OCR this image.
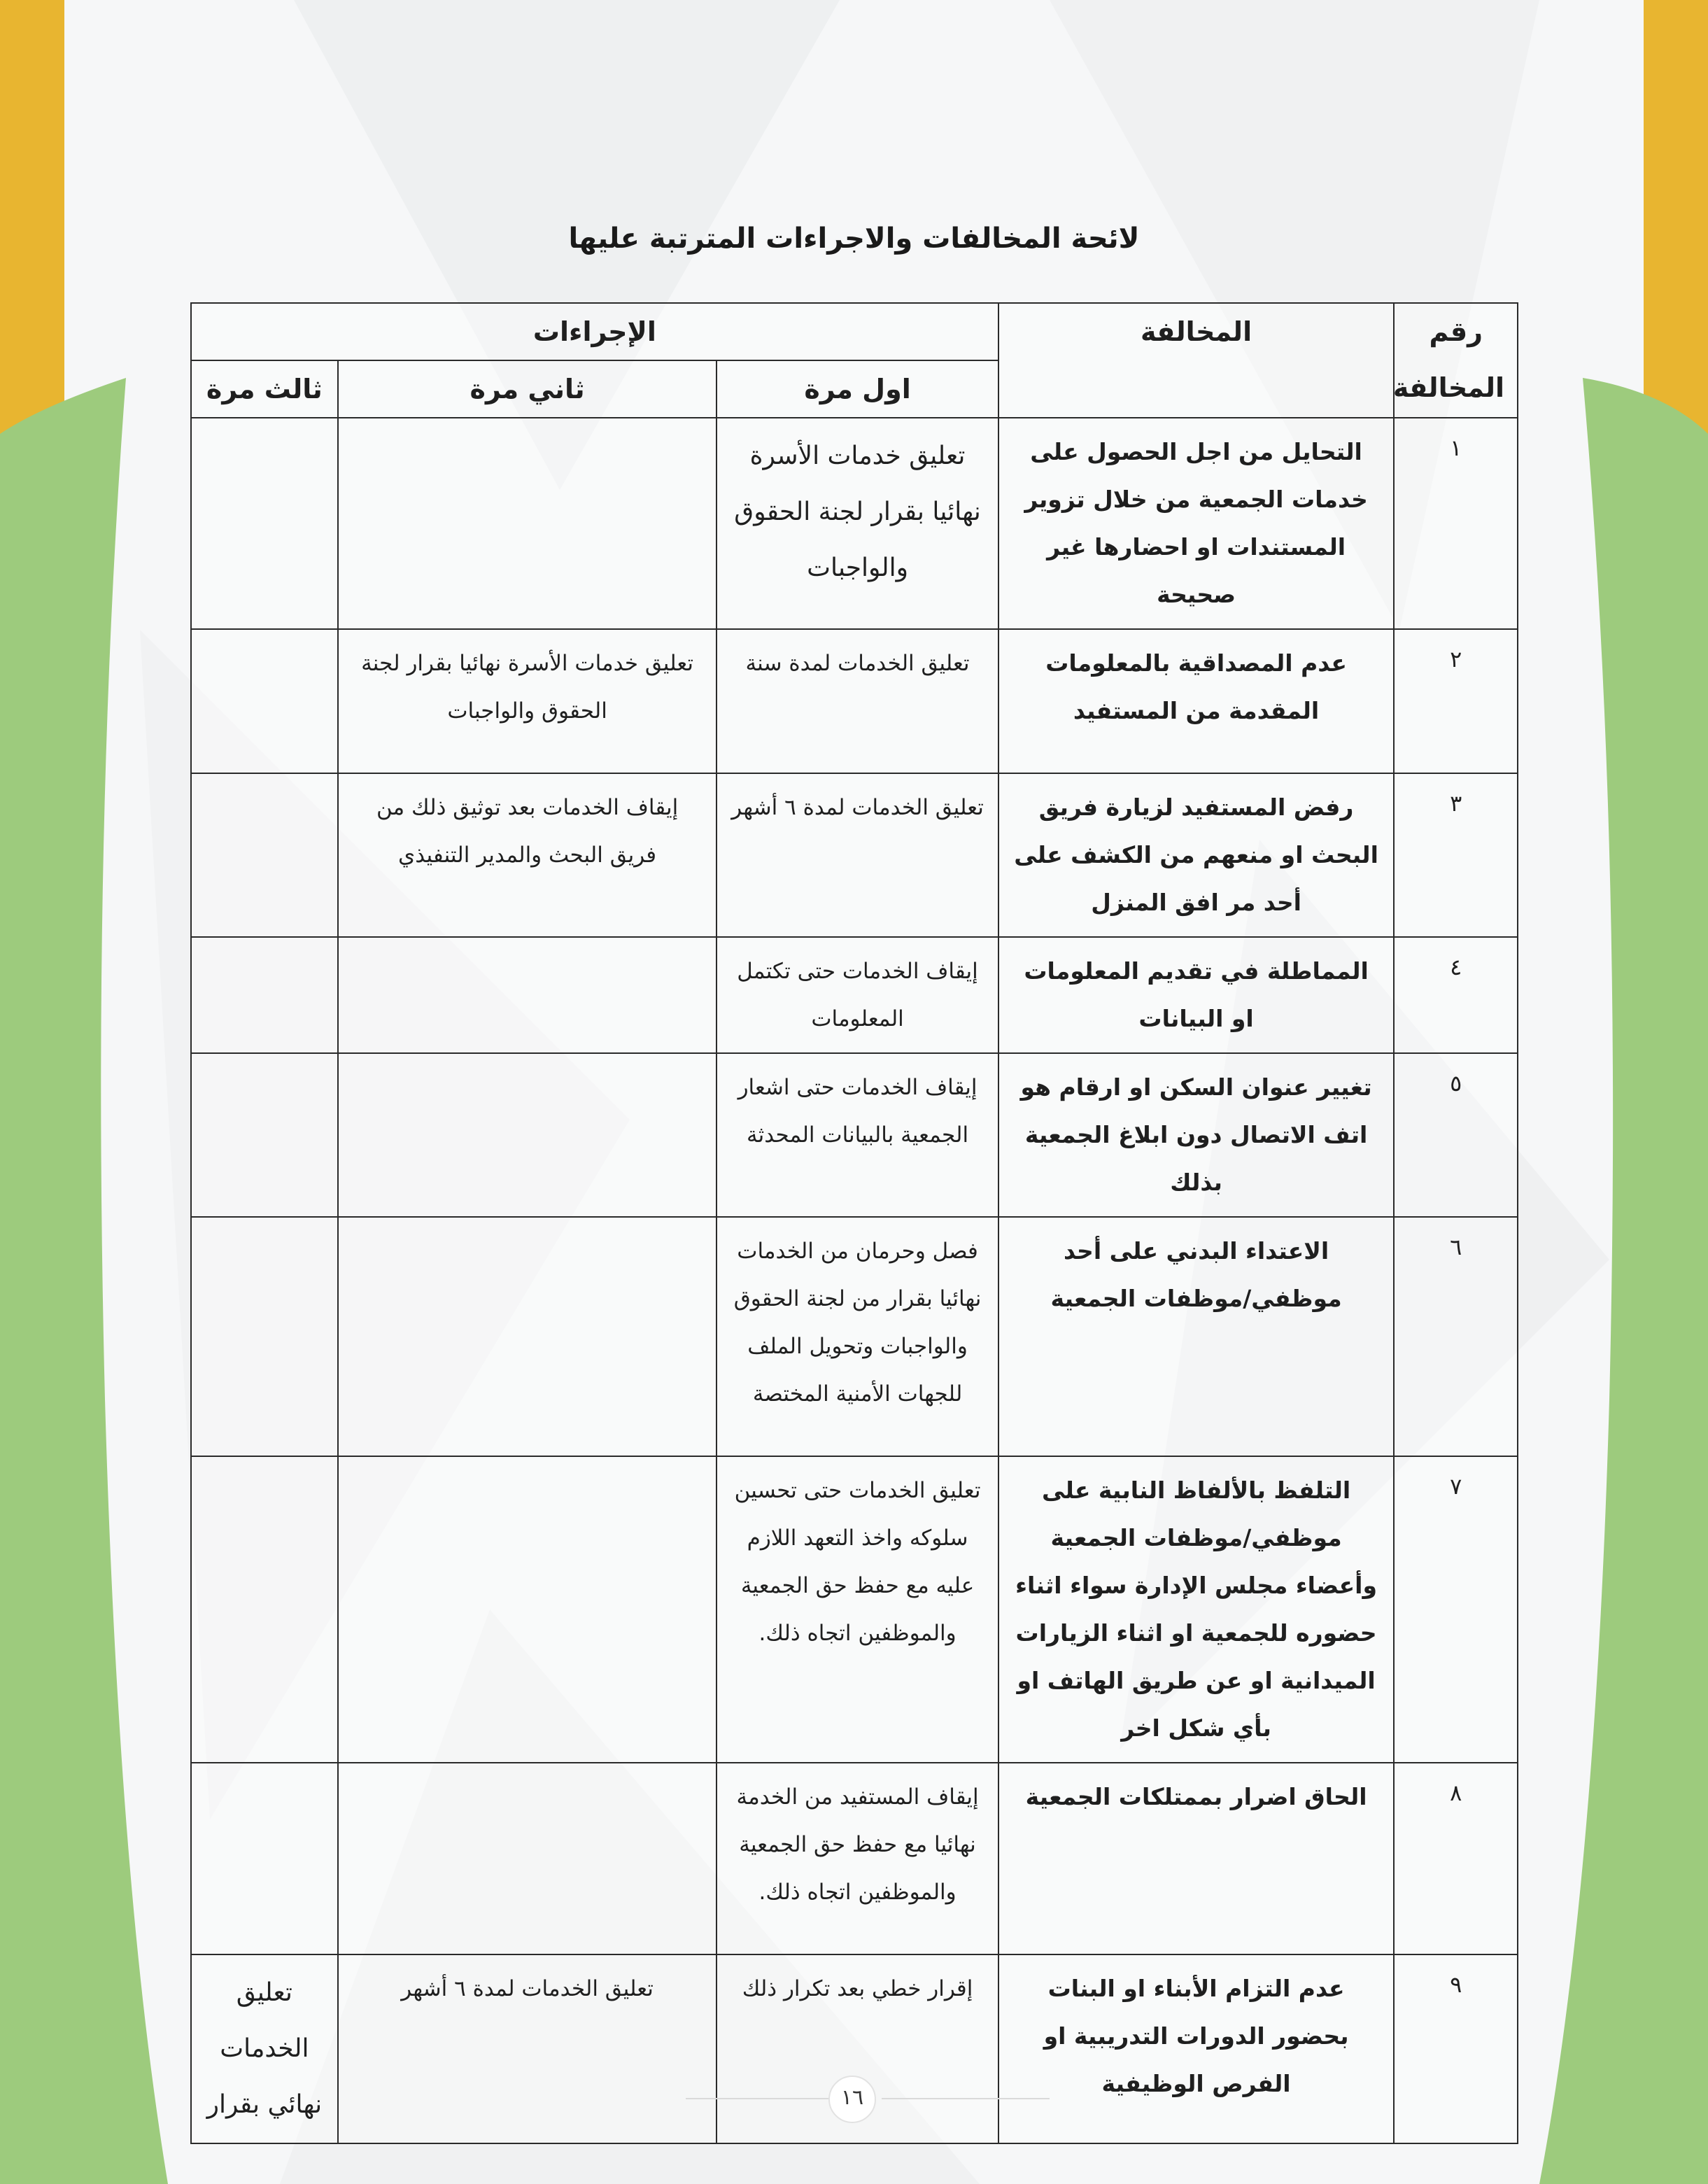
لائحة المخالفات والاجراءات المترتبة عليها
رقم المخالفة	المخالفة	الإجراءات		
		اول مرة	ثاني مرة	ثالث مرة
١	التحايل من اجل الحصول على خدمات الجمعية من خلال تزوير المستندات او احضارها غير صحيحة	تعليق خدمات الأسرة نهائيا بقرار لجنة الحقوق والواجبات		
٢	عدم المصداقية بالمعلومات المقدمة من المستفيد	تعليق الخدمات لمدة سنة	تعليق خدمات الأسرة نهائيا بقرار لجنة الحقوق والواجبات	
٣	رفض المستفيد لزيارة فريق البحث او منعهم من الكشف على أحد مر افق المنزل	تعليق الخدمات لمدة ٦ أشهر	إيقاف الخدمات بعد توثيق ذلك من فريق البحث والمدير التنفيذي	
٤	المماطلة في تقديم المعلومات او البيانات	إيقاف الخدمات حتى تكتمل المعلومات		
٥	تغيير عنوان السكن او ارقام هو اتف الاتصال دون ابلاغ الجمعية بذلك	إيقاف الخدمات حتى اشعار الجمعية بالبيانات المحدثة		
٦	الاعتداء البدني على أحد موظفي/موظفات الجمعية	فصل وحرمان من الخدمات نهائيا بقرار من لجنة الحقوق والواجبات وتحويل الملف للجهات الأمنية المختصة		
٧	التلفظ بالألفاظ النابية على موظفي/موظفات الجمعية وأعضاء مجلس الإدارة سواء اثناء حضوره للجمعية او اثناء الزيارات الميدانية او عن طريق الهاتف او بأي شكل اخر	تعليق الخدمات حتى تحسين سلوكه واخذ التعهد اللازم عليه مع حفظ حق الجمعية والموظفين اتجاه ذلك.		
٨	الحاق اضرار بممتلكات الجمعية	إيقاف المستفيد من الخدمة نهائيا مع حفظ حق الجمعية والموظفين اتجاه ذلك.		
٩	عدم التزام الأبناء او البنات بحضور الدورات التدريبية او الفرص الوظيفية	إقرار خطي بعد تكرار ذلك	تعليق الخدمات لمدة ٦ أشهر	تعليق الخدمات نهائي بقرار	١٦
